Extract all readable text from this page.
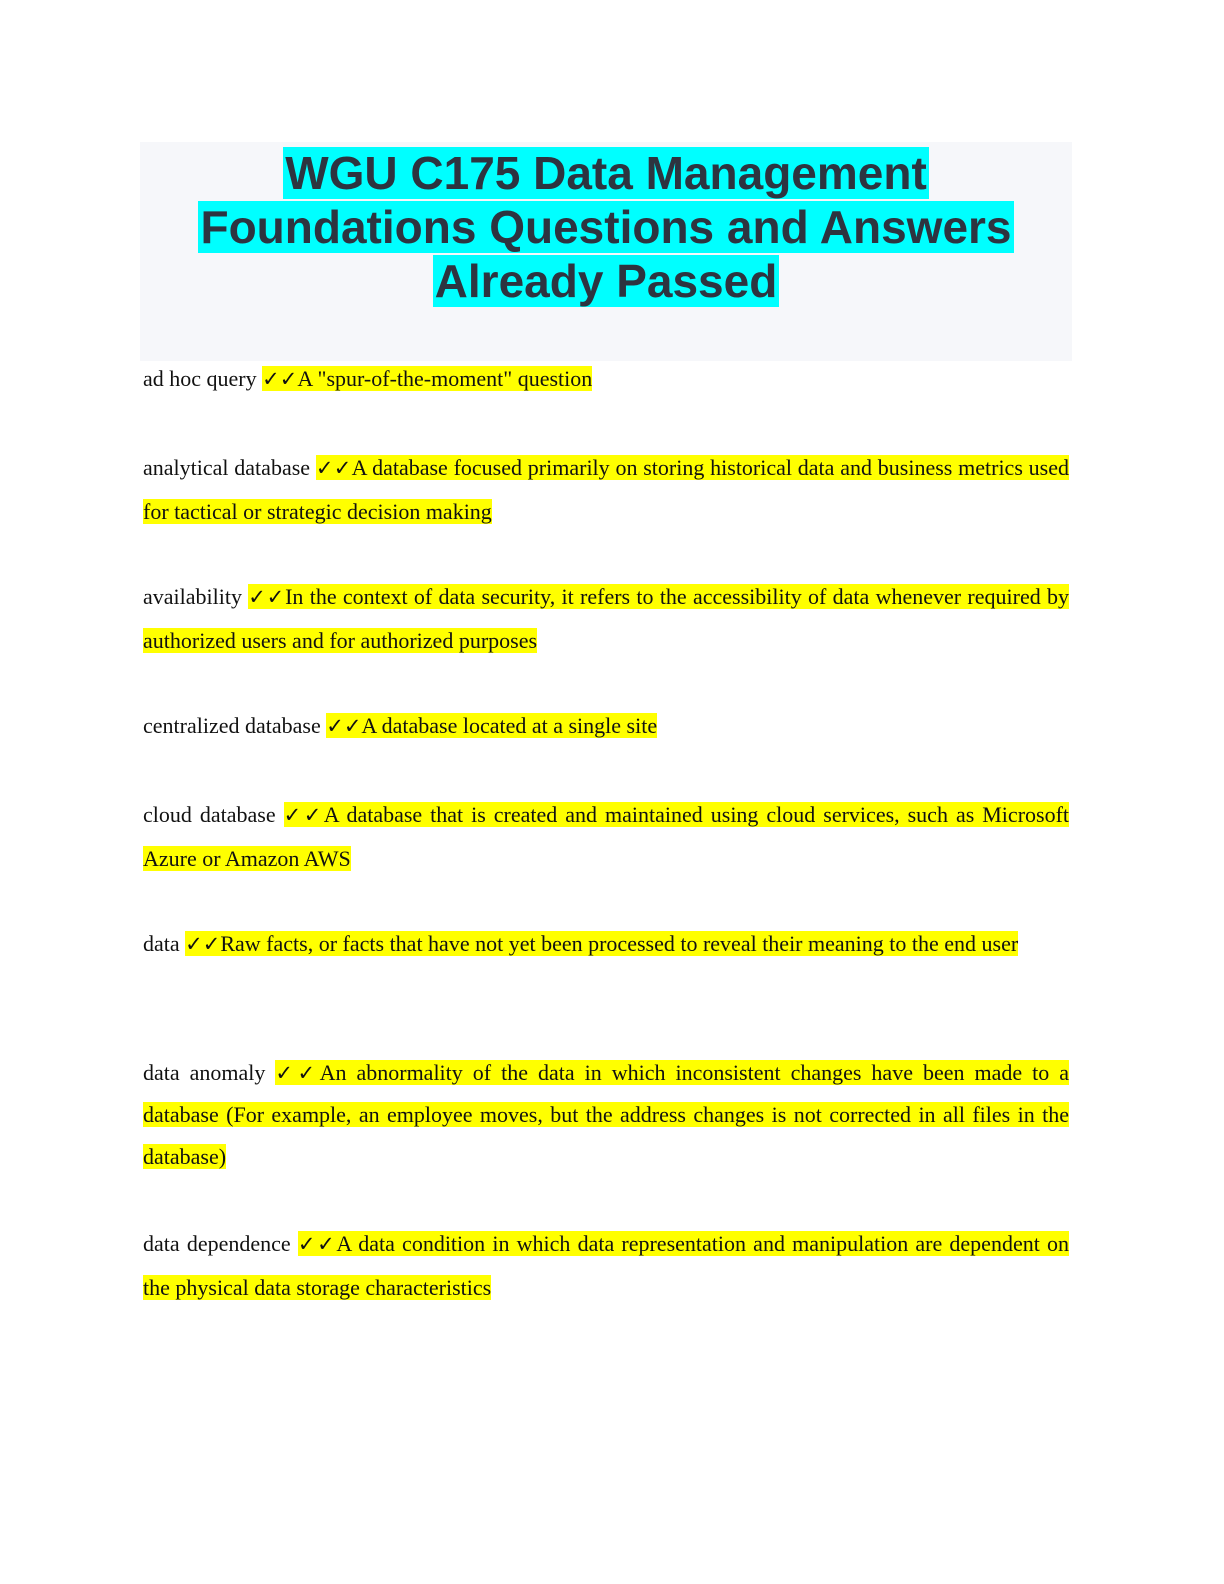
WGU C175 Data Management
Foundations Questions and Answers
Already Passed
ad hoc query ✓✓A "spur-of-the-moment" question
analytical database ✓✓A database focused primarily on storing historical data and business metrics used for tactical or strategic decision making
availability ✓✓In the context of data security, it refers to the accessibility of data whenever required by authorized users and for authorized purposes
centralized database ✓✓A database located at a single site
cloud database ✓✓A database that is created and maintained using cloud services, such as Microsoft Azure or Amazon AWS
data ✓✓Raw facts, or facts that have not yet been processed to reveal their meaning to the end user
data anomaly ✓✓An abnormality of the data in which inconsistent changes have been made to a database (For example, an employee moves, but the address changes is not corrected in all files in the database)
data dependence ✓✓A data condition in which data representation and manipulation are dependent on the physical data storage characteristics
